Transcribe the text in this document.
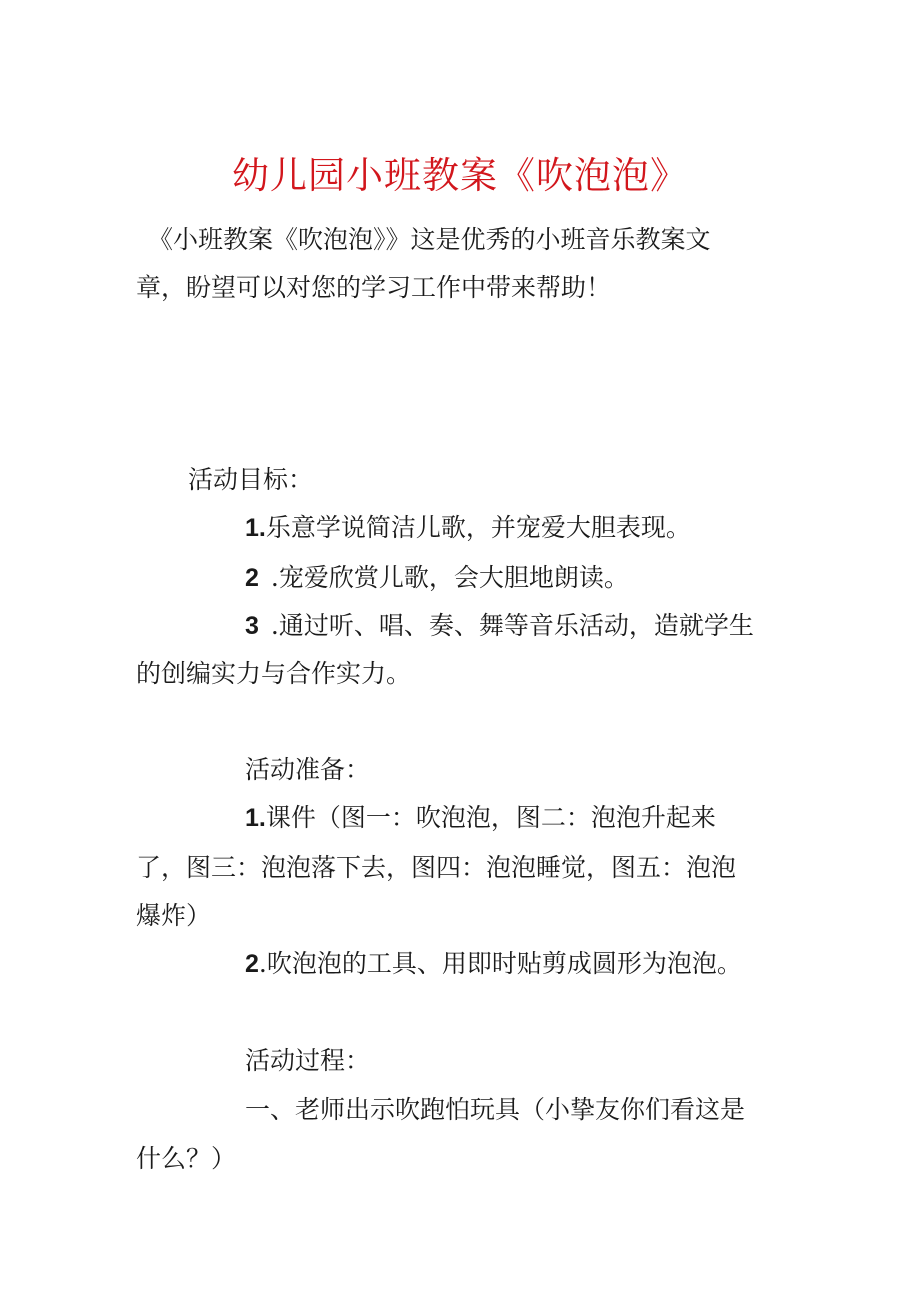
幼儿园小班教案《吹泡泡》

《小班教案《吹泡泡》》这是优秀的小班音乐教案文

章，盼望可以对您的学习工作中带来帮助！

活动目标：

1.乐意学说简洁儿歌，并宠爱大胆表现。

2 .宠爱欣赏儿歌，会大胆地朗读。

3 .通过听、唱、奏、舞等音乐活动，造就学生

的创编实力与合作实力。

活动准备：

1.课件（图一：吹泡泡，图二：泡泡升起来

了，图三：泡泡落下去，图四：泡泡睡觉，图五：泡泡

爆炸）

2.吹泡泡的工具、用即时贴剪成圆形为泡泡。

活动过程：

一、老师出示吹跑怕玩具（小挚友你们看这是

什么？）
